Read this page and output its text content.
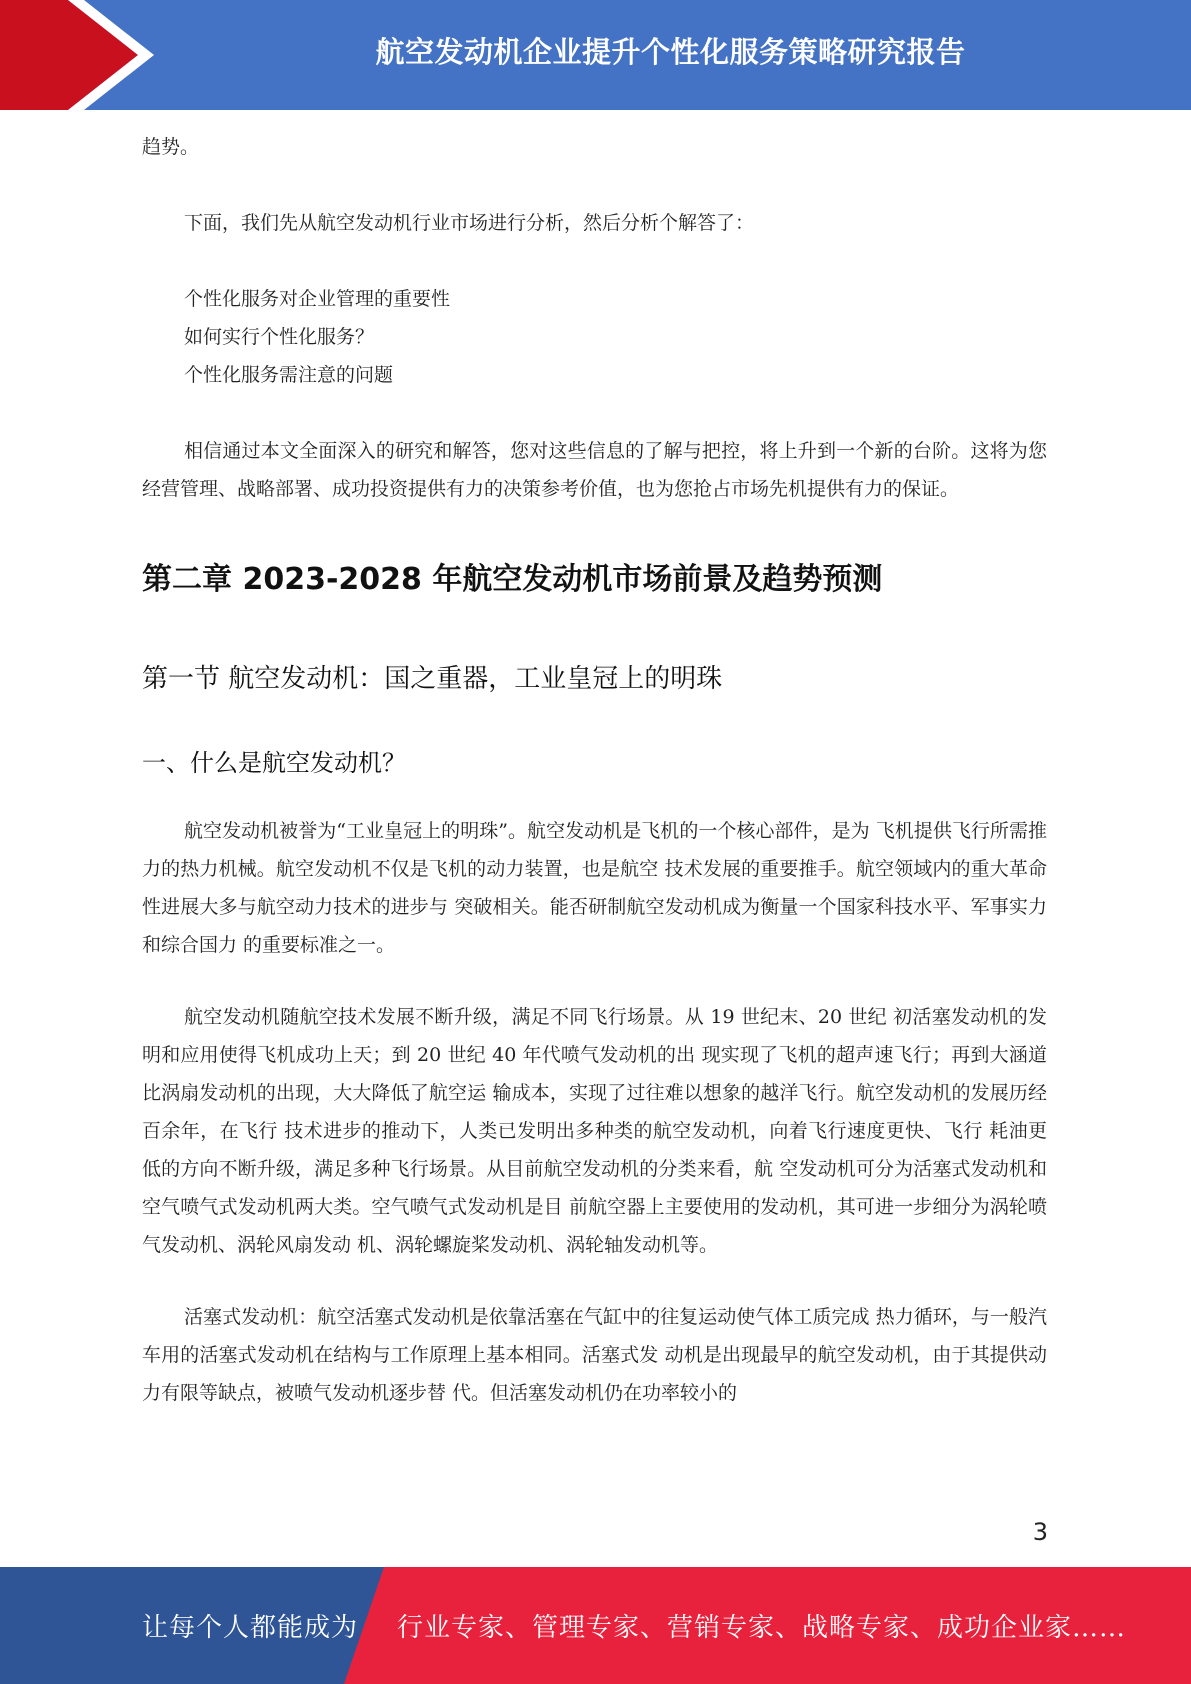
航空发动机企业提升个性化服务策略研究报告

趋势。

下面，我们先从航空发动机行业市场进行分析，然后分析个解答了：

个性化服务对企业管理的重要性

如何实行个性化服务？

个性化服务需注意的问题

相信通过本文全面深入的研究和解答，您对这些信息的了解与把控，将上升到一个新的台阶。这将为您经营管理、战略部署、成功投资提供有力的决策参考价值，也为您抢占市场先机提供有力的保证。

第二章 2023-2028 年航空发动机市场前景及趋势预测
第一节 航空发动机：国之重器，工业皇冠上的明珠
一、什么是航空发动机？

航空发动机被誉为“工业皇冠上的明珠”。航空发动机是飞机的一个核心部件，是为 飞机提供飞行所需推力的热力机械。航空发动机不仅是飞机的动力装置，也是航空 技术发展的重要推手。航空领域内的重大革命性进展大多与航空动力技术的进步与 突破相关。能否研制航空发动机成为衡量一个国家科技水平、军事实力和综合国力 的重要标准之一。

航空发动机随航空技术发展不断升级，满足不同飞行场景。从 19 世纪末、20 世纪 初活塞发动机的发明和应用使得飞机成功上天；到 20 世纪 40 年代喷气发动机的出 现实现了飞机的超声速飞行；再到大涵道比涡扇发动机的出现，大大降低了航空运 输成本，实现了过往难以想象的越洋飞行。航空发动机的发展历经百余年，在飞行 技术进步的推动下，人类已发明出多种类的航空发动机，向着飞行速度更快、飞行 耗油更低的方向不断升级，满足多种飞行场景。从目前航空发动机的分类来看，航 空发动机可分为活塞式发动机和空气喷气式发动机两大类。空气喷气式发动机是目 前航空器上主要使用的发动机，其可进一步细分为涡轮喷气发动机、涡轮风扇发动 机、涡轮螺旋桨发动机、涡轮轴发动机等。

活塞式发动机：航空活塞式发动机是依靠活塞在气缸中的往复运动使气体工质完成 热力循环，与一般汽车用的活塞式发动机在结构与工作原理上基本相同。活塞式发 动机是出现最早的航空发动机，由于其提供动力有限等缺点，被喷气发动机逐步替 代。但活塞发动机仍在功率较小的

3
让每个人都能成为 行业专家、管理专家、营销专家、战略专家、成功企业家……
